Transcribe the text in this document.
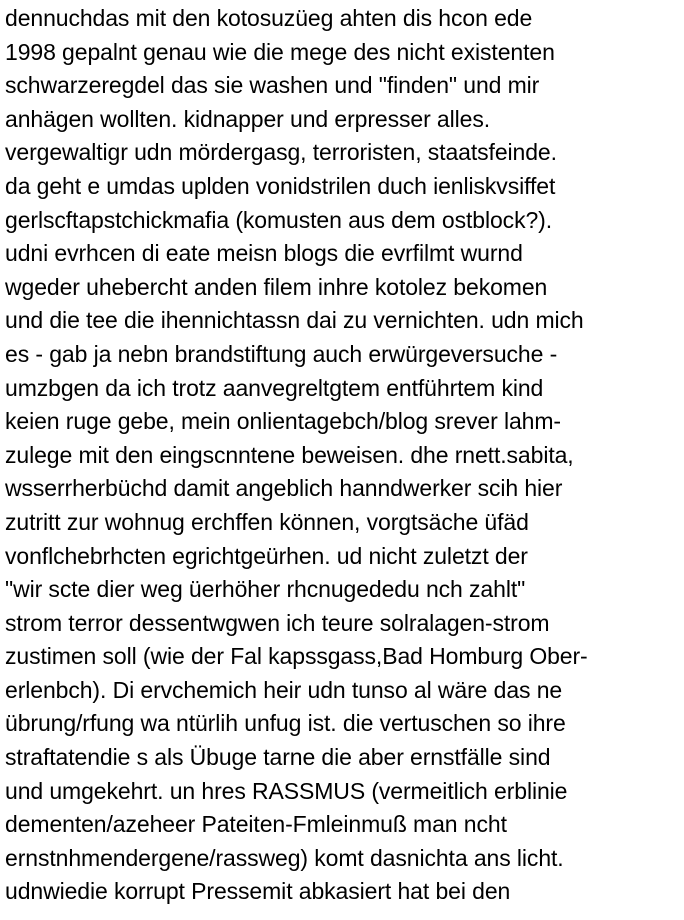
dennuchdas mit den kotosuzüeg ahten dis hcon ede
1998 gepalnt genau wie die mege des nicht existenten
schwarzeregdel das sie washen und "finden" und mir
anhägen wollten. kidnapper und erpresser alles.
vergewaltigr udn mördergasg, terroristen, staatsfeinde.
da geht e umdas uplden vonidstrilen duch ienliskvsiffet
gerlscftapstchickmafia (komusten aus dem ostblock?).
udni evrhcen di eate meisn blogs die evrfilmt wurnd
wgeder uhebercht anden filem inhre kotolez bekomen
und die tee die ihennichtassn dai zu vernichten. udn mich
es - gab ja nebn brandstiftung auch erwürgeversuche -
umzbgen da ich trotz aanvegreltgtem entführtem kind
keien ruge gebe, mein onlientagebch/blog srever lahm-
zulege mit den eingscnntene beweisen. dhe rnett.sabita,
wsserrherbüchd damit angeblich hanndwerker scih hier
zutritt zur wohnug erchffen können, vorgtsäche üfäd
vonflchebrhcten egrichtgeürhen. ud nicht zuletzt der
"wir scte dier weg üerhöher rhcnugededu nch zahlt"
strom terror dessentwgwen ich teure solralagen-strom
zustimen soll (wie der Fal kapssgass,Bad Homburg Ober-
erlenbch). Di ervchemich heir udn tunso al wäre das ne
übrung/rfung wa ntürlih unfug ist. die vertuschen so ihre
straftatendie s als Übuge tarne die aber ernstfälle sind
und umgekehrt. un hres RASSMUS (vermeitlich erblinie
dementen/azeheer Pateiten-Fmleinmuß man ncht
ernstnhmendergene/rassweg) komt dasnichta ans licht.
udnwiedie korrupt Pressemit abkasiert hat bei den
